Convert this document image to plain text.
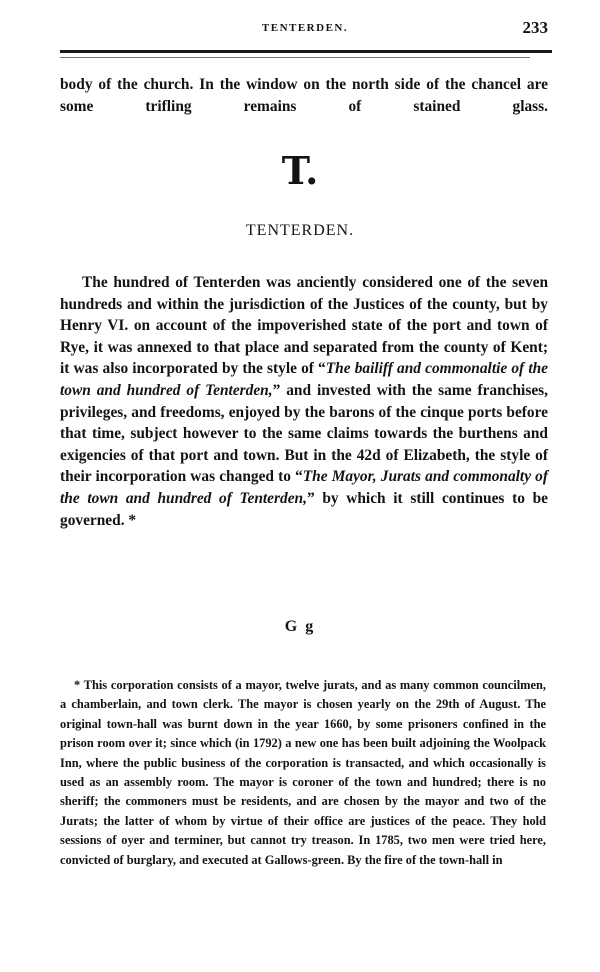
TENTERDEN.	233

body of the church. In the window on the north side of the chancel are some trifling remains of stained glass.

T.
TENTERDEN.

The hundred of Tenterden was anciently considered one of the seven hundreds and within the jurisdiction of the Justices of the county, but by Henry VI. on account of the impoverished state of the port and town of Rye, it was annexed to that place and separated from the county of Kent; it was also incorporated by the style of “The bailiff and commonaltie of the town and hundred of Tenterden,” and invested with the same franchises, privileges, and freedoms, enjoyed by the barons of the cinque ports before that time, subject however to the same claims towards the burthens and exigencies of that port and town. But in the 42d of Elizabeth, the style of their incorporation was changed to “The Mayor, Jurats and commonalty of the town and hundred of Tenterden,” by which it still continues to be governed. *

G g

* This corporation consists of a mayor, twelve jurats, and as many common councilmen, a chamberlain, and town clerk. The mayor is chosen yearly on the 29th of August. The original town-hall was burnt down in the year 1660, by some prisoners confined in the prison room over it; since which (in 1792) a new one has been built adjoining the Woolpack Inn, where the public business of the corporation is transacted, and which occasionally is used as an assembly room. The mayor is coroner of the town and hundred; there is no sheriff; the commoners must be residents, and are chosen by the mayor and two of the Jurats; the latter of whom by virtue of their office are justices of the peace. They hold sessions of oyer and terminer, but cannot try treason. In 1785, two men were tried here, convicted of burglary, and executed at Gallows-green. By the fire of the town-hall in
